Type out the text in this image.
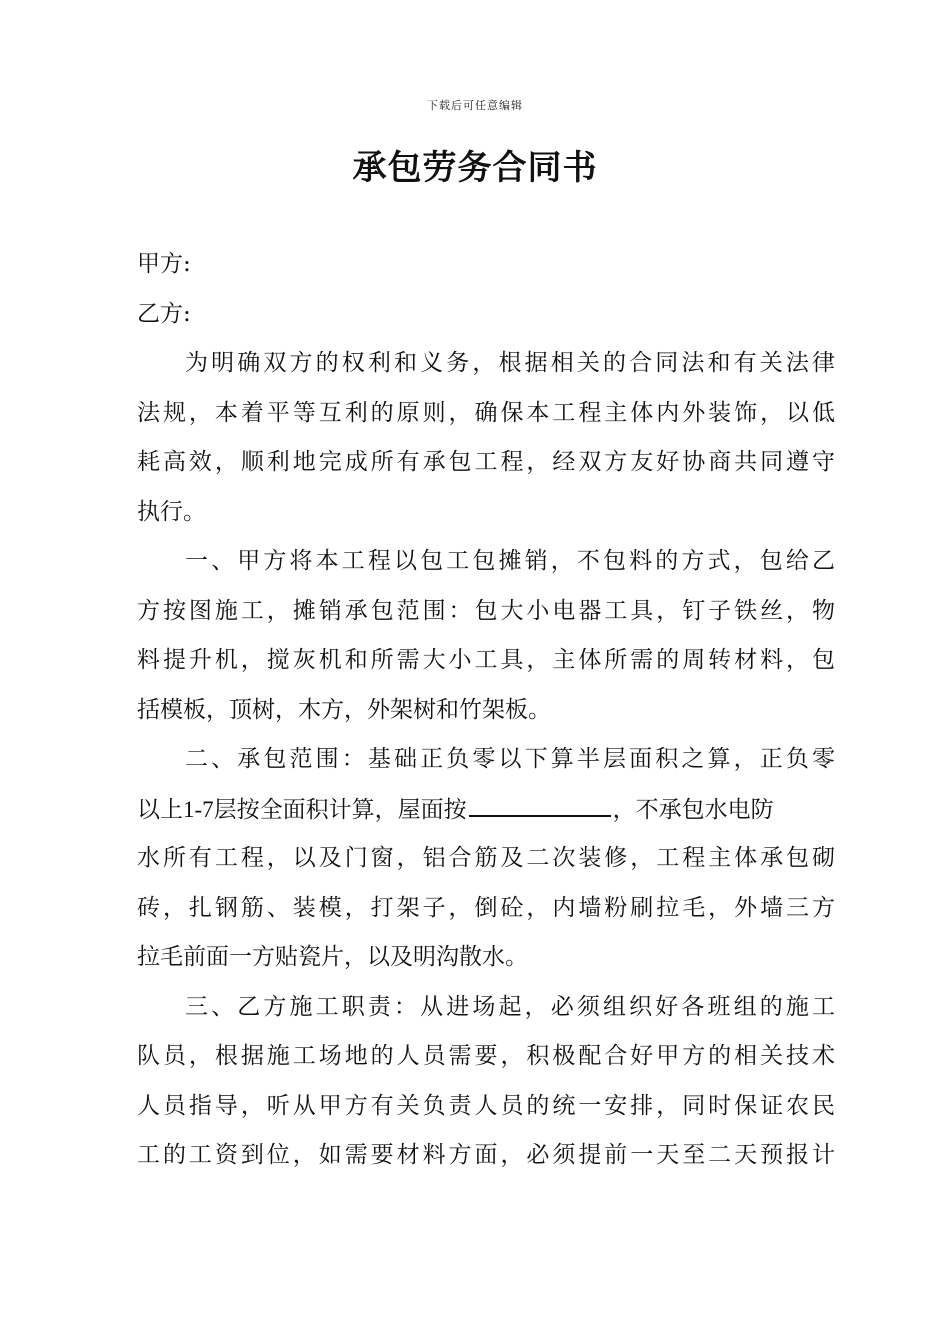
下载后可任意编辑
承包劳务合同书
甲方:
乙方:
为明确双方的权利和义务，根据相关的合同法和有关法律
法规，本着平等互利的原则，确保本工程主体内外装饰，以低
耗高效，顺利地完成所有承包工程，经双方友好协商共同遵守
执行。
一、甲方将本工程以包工包摊销，不包料的方式，包给乙
方按图施工，摊销承包范围：包大小电器工具，钉子铁丝，物
料提升机，搅灰机和所需大小工具，主体所需的周转材料，包
括模板，顶树，木方，外架树和竹架板。
二、承包范围：基础正负零以下算半层面积之算，正负零
以上1-7层按全面积计算，屋面按	，不承包水电防
水所有工程，以及门窗，铝合筋及二次装修，工程主体承包砌
砖，扎钢筋、装模，打架子，倒砼，内墙粉刷拉毛，外墙三方
拉毛前面一方贴瓷片，以及明沟散水。
三、乙方施工职责：从进场起，必须组织好各班组的施工
队员，根据施工场地的人员需要，积极配合好甲方的相关技术
人员指导，听从甲方有关负责人员的统一安排，同时保证农民
工的工资到位，如需要材料方面，必须提前一天至二天预报计
